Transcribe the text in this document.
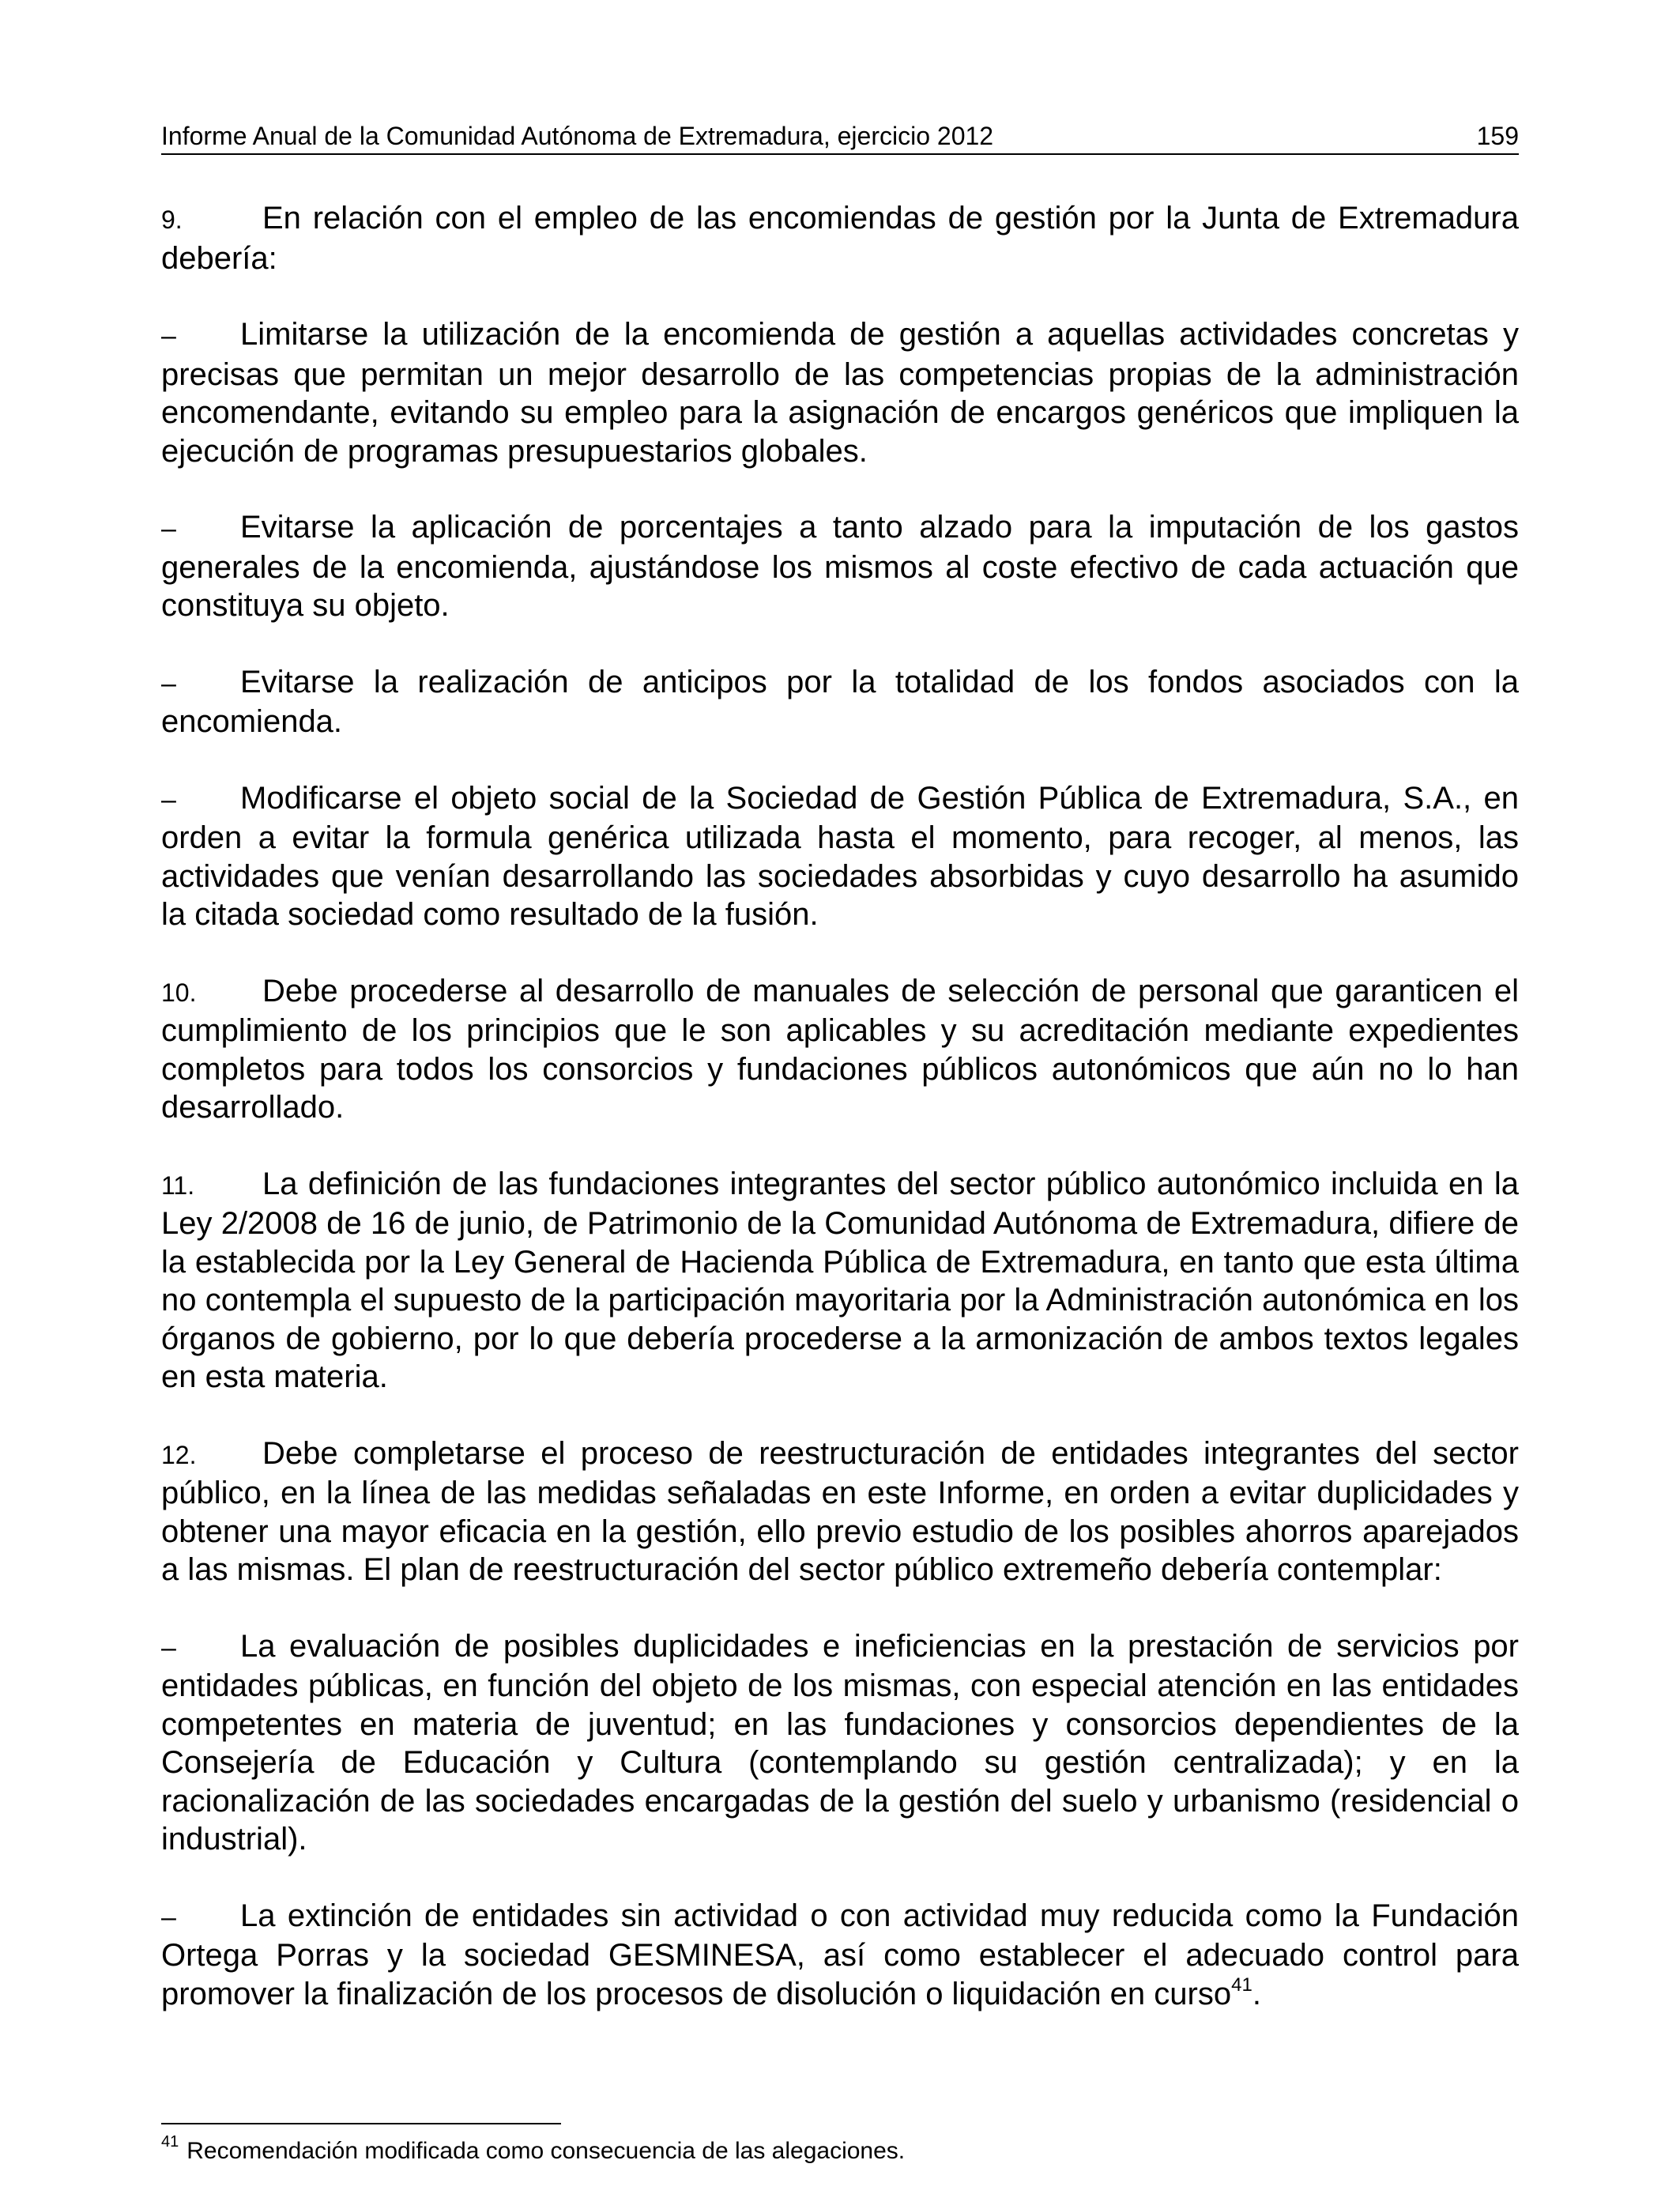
Informe Anual de la Comunidad Autónoma de Extremadura, ejercicio 2012	159

9.	En relación con el empleo de las encomiendas de gestión por la Junta de Extremadura debería:

– Limitarse la utilización de la encomienda de gestión a aquellas actividades concretas y precisas que permitan un mejor desarrollo de las competencias propias de la administración encomendante, evitando su empleo para la asignación de encargos genéricos que impliquen la ejecución de programas presupuestarios globales.

– Evitarse la aplicación de porcentajes a tanto alzado para la imputación de los gastos generales de la encomienda, ajustándose los mismos al coste efectivo de cada actuación que constituya su objeto.

– Evitarse la realización de anticipos por la totalidad de los fondos asociados con la encomienda.

– Modificarse el objeto social de la Sociedad de Gestión Pública de Extremadura, S.A., en orden a evitar la formula genérica utilizada hasta el momento, para recoger, al menos, las actividades que venían desarrollando las sociedades absorbidas y cuyo desarrollo ha asumido la citada sociedad como resultado de la fusión.

10. Debe procederse al desarrollo de manuales de selección de personal que garanticen el cumplimiento de los principios que le son aplicables y su acreditación mediante expedientes completos para todos los consorcios y fundaciones públicos autonómicos que aún no lo han desarrollado.

11. La definición de las fundaciones integrantes del sector público autonómico incluida en la Ley 2/2008 de 16 de junio, de Patrimonio de la Comunidad Autónoma de Extremadura, difiere de la establecida por la Ley General de Hacienda Pública de Extremadura, en tanto que esta última no contempla el supuesto de la participación mayoritaria por la Administración autonómica en los órganos de gobierno, por lo que debería procederse a la armonización de ambos textos legales en esta materia.

12. Debe completarse el proceso de reestructuración de entidades integrantes del sector público, en la línea de las medidas señaladas en este Informe, en orden a evitar duplicidades y obtener una mayor eficacia en la gestión, ello previo estudio de los posibles ahorros aparejados a las mismas. El plan de reestructuración del sector público extremeño debería contemplar:

– La evaluación de posibles duplicidades e ineficiencias en la prestación de servicios por entidades públicas, en función del objeto de los mismas, con especial atención en las entidades competentes en materia de juventud; en las fundaciones y consorcios dependientes de la Consejería de Educación y Cultura (contemplando su gestión centralizada); y en la racionalización de las sociedades encargadas de la gestión del suelo y urbanismo (residencial o industrial).

– La extinción de entidades sin actividad o con actividad muy reducida como la Fundación Ortega Porras y la sociedad GESMINESA, así como establecer el adecuado control para promover la finalización de los procesos de disolución o liquidación en curso$^{41}$.

$^{41}$ Recomendación modificada como consecuencia de las alegaciones.
